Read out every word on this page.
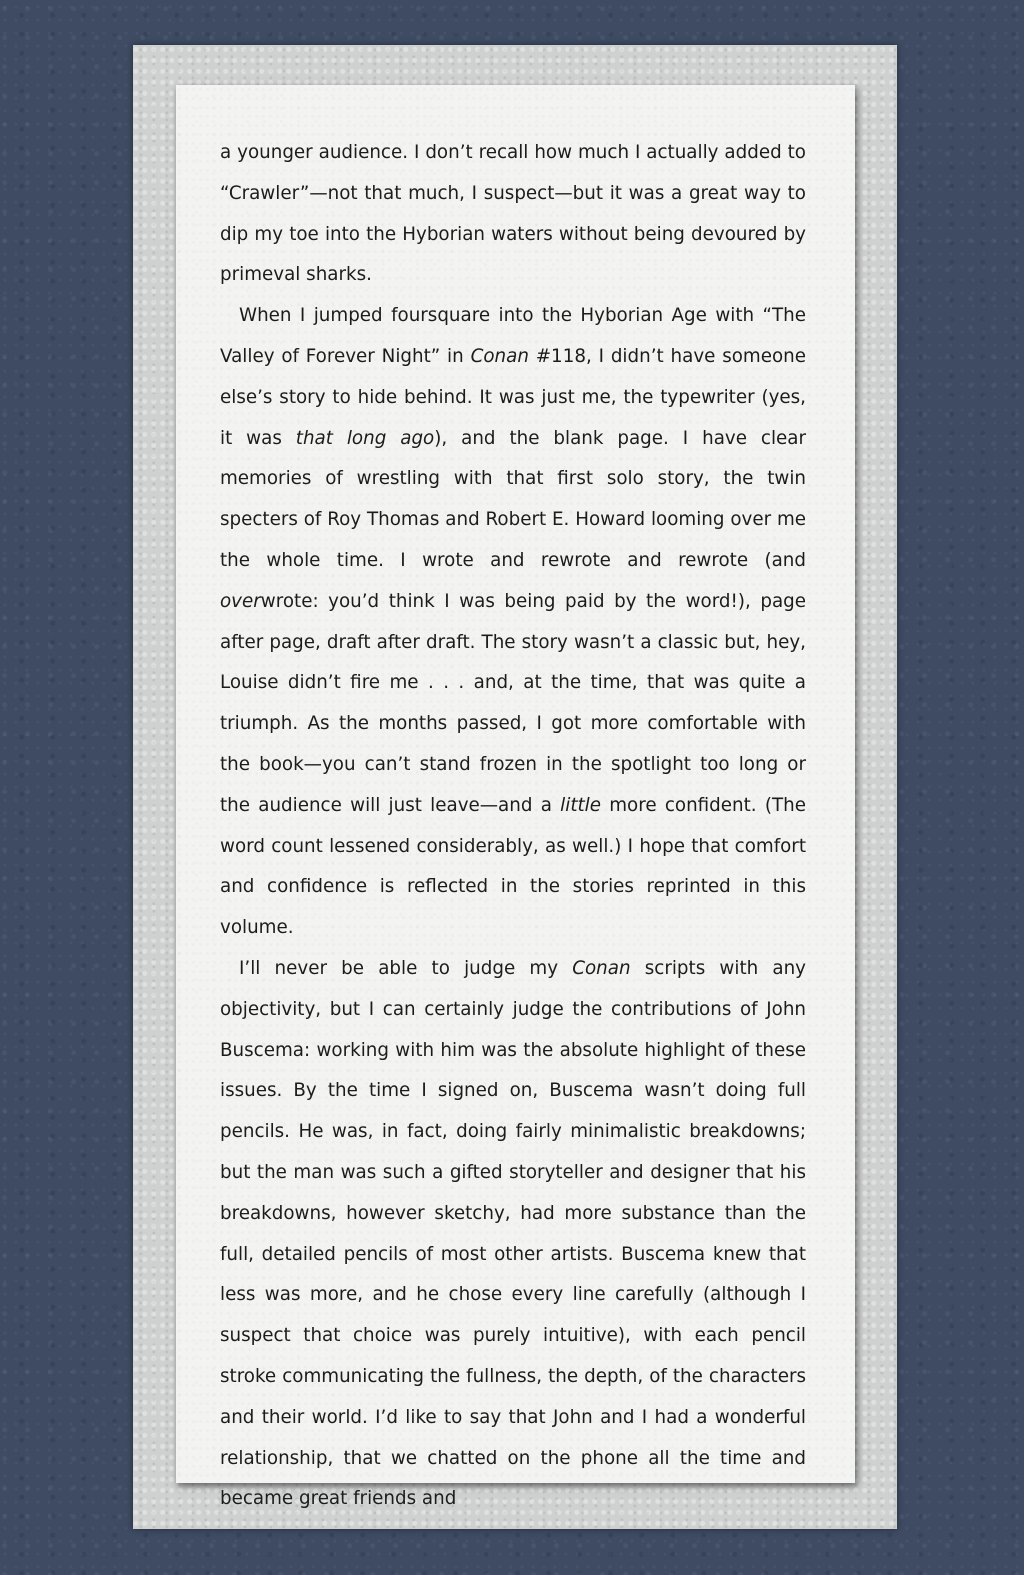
a younger audience. I don’t recall how much I actually added to “Crawler”—not that much, I suspect—but it was a great way to dip my toe into the Hyborian waters without being devoured by primeval sharks.

When I jumped foursquare into the Hyborian Age with “The Valley of Forever Night” in Conan #118, I didn’t have someone else’s story to hide behind. It was just me, the typewriter (yes, it was that long ago), and the blank page. I have clear memories of wrestling with that first solo story, the twin specters of Roy Thomas and Robert E. Howard looming over me the whole time. I wrote and rewrote and rewrote (and overwrote: you’d think I was being paid by the word!), page after page, draft after draft. The story wasn’t a classic but, hey, Louise didn’t fire me . . . and, at the time, that was quite a triumph. As the months passed, I got more comfortable with the book—you can’t stand frozen in the spotlight too long or the audience will just leave—and a little more confident. (The word count lessened considerably, as well.) I hope that comfort and confidence is reflected in the stories reprinted in this volume.

I’ll never be able to judge my Conan scripts with any objectivity, but I can certainly judge the contributions of John Buscema: working with him was the absolute highlight of these issues. By the time I signed on, Buscema wasn’t doing full pencils. He was, in fact, doing fairly minimalistic breakdowns; but the man was such a gifted storyteller and designer that his breakdowns, however sketchy, had more substance than the full, detailed pencils of most other artists. Buscema knew that less was more, and he chose every line carefully (although I suspect that choice was purely intuitive), with each pencil stroke communicating the fullness, the depth, of the characters and their world. I’d like to say that John and I had a wonderful relationship, that we chatted on the phone all the time and became great friends and
